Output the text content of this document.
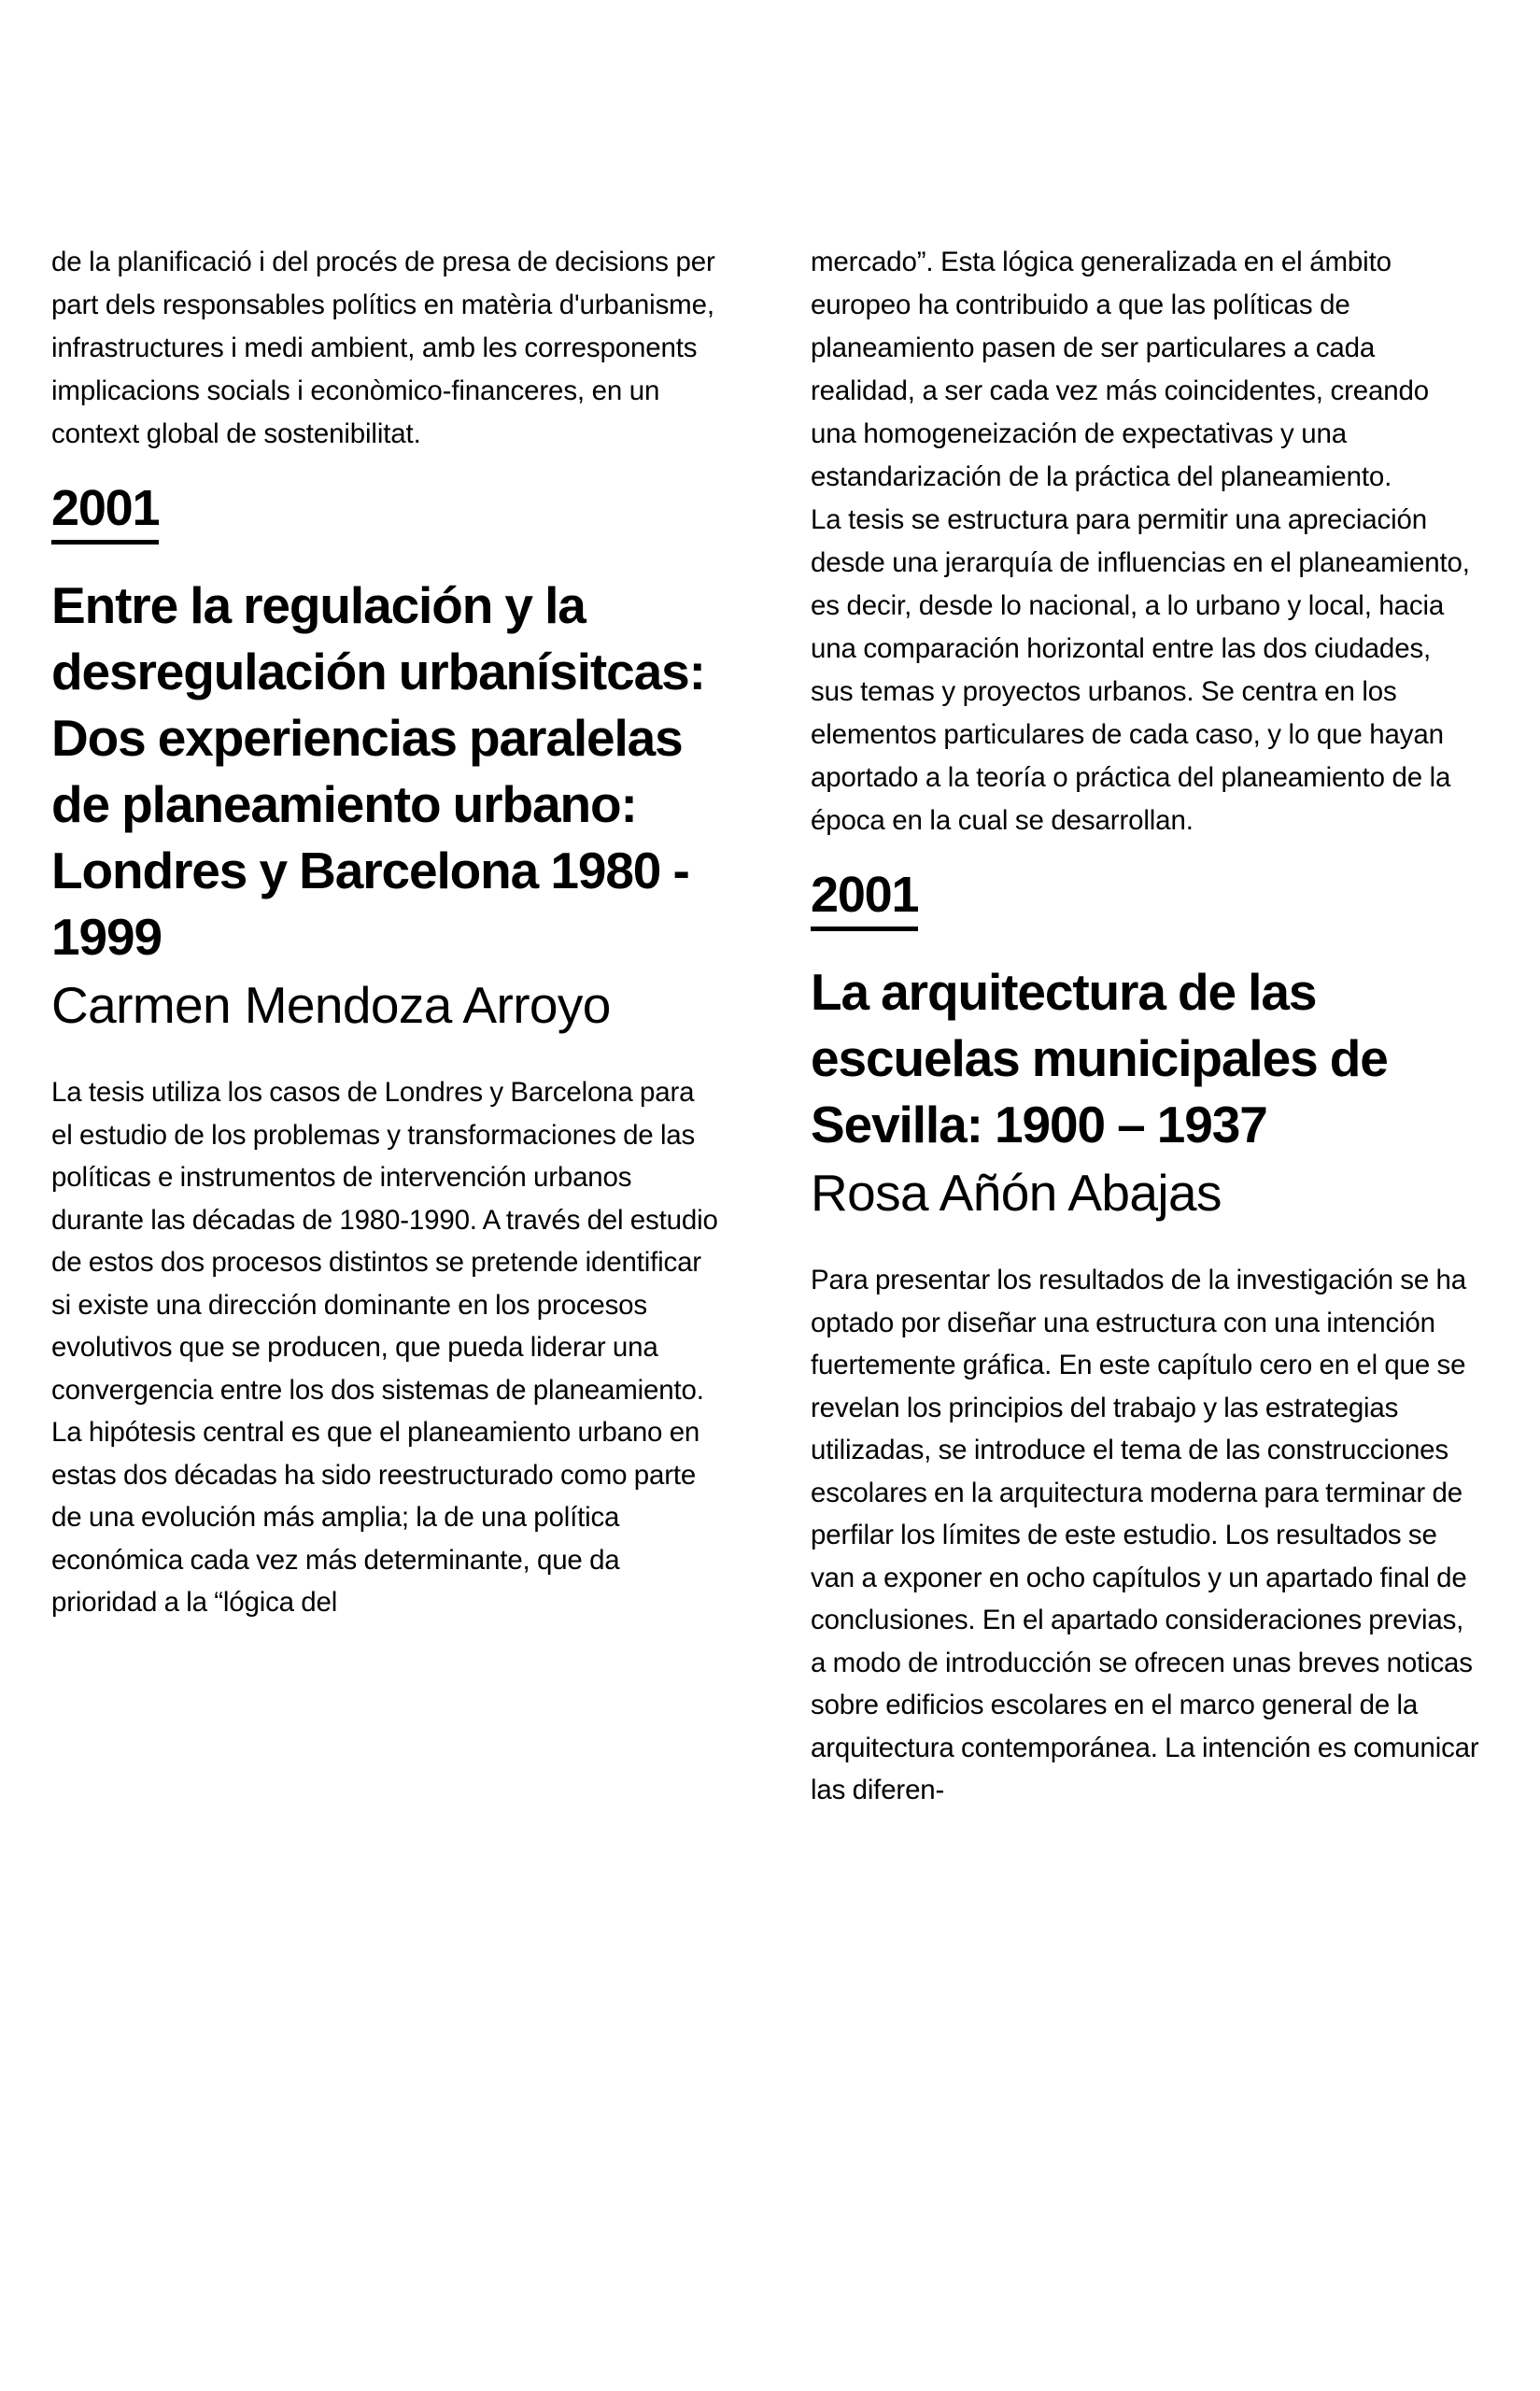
de la planificació i del procés de presa de decisions per part dels responsables polítics en matèria d'urbanisme, infrastructures i medi ambient, amb les corresponents implicacions socials i econòmico-financeres, en un context global de sostenibilitat.

2001
Entre la regulación y la desregulación urbanísitcas: Dos experiencias paralelas de planeamiento urbano: Londres y Barcelona 1980 - 1999
Carmen Mendoza Arroyo

La tesis utiliza los casos de Londres y Barcelona para el estudio de los problemas y transformaciones de las políticas e instrumentos de intervención urbanos durante las décadas de 1980-1990. A través del estudio de estos dos procesos distintos se pretende identificar si existe una dirección dominante en los procesos evolutivos que se producen, que pueda liderar una convergencia entre los dos sistemas de planeamiento. La hipótesis central es que el planeamiento urbano en estas dos décadas ha sido reestructurado como parte de una evolución más amplia; la de una política económica cada vez más determinante, que da prioridad a la “lógica del

mercado”. Esta lógica generalizada en el ámbito europeo ha contribuido a que las políticas de planeamiento pasen de ser particulares a cada realidad, a ser cada vez más coincidentes, creando una homogeneización de expectativas y una estandarización de la práctica del planeamiento.

La tesis se estructura para permitir una apreciación desde una jerarquía de influencias en el planeamiento, es decir, desde lo nacional, a lo urbano y local, hacia una comparación horizontal entre las dos ciudades, sus temas y proyectos urbanos. Se centra en los elementos particulares de cada caso, y lo que hayan aportado a la teoría o práctica del planeamiento de la época en la cual se desarrollan.

2001
La arquitectura de las escuelas municipales de Sevilla: 1900 – 1937
Rosa Añón Abajas

Para presentar los resultados de la investigación se ha optado por diseñar una estructura con una intención fuertemente gráfica. En este capítulo cero en el que se revelan los principios del trabajo y las estrategias utilizadas, se introduce el tema de las construcciones escolares en la arquitectura moderna para terminar de perfilar los límites de este estudio. Los resultados se van a exponer en ocho capítulos y un apartado final de conclusiones. En el apartado consideraciones previas, a modo de introducción se ofrecen unas breves noticas sobre edificios escolares en el marco general de la arquitectura contemporánea. La intención es comunicar las diferen-
